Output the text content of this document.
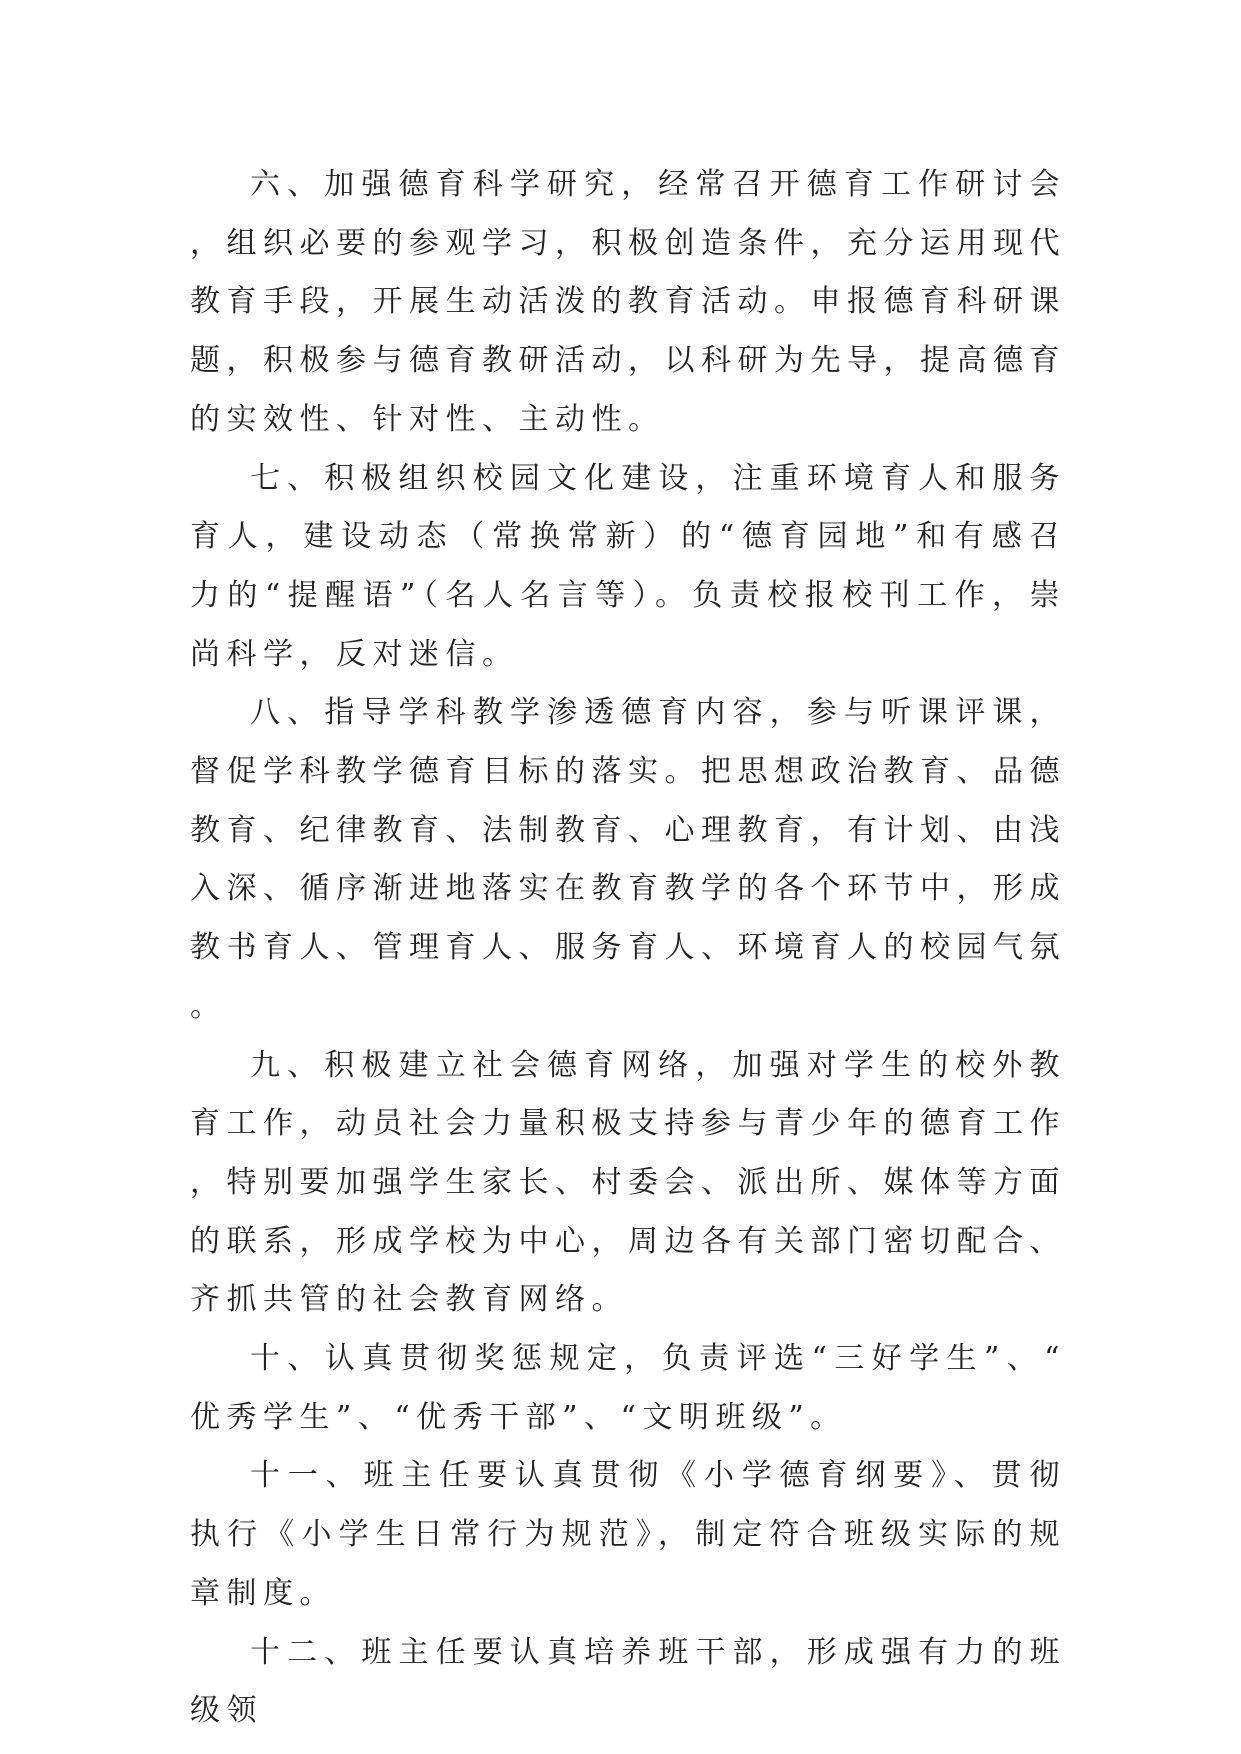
六、加强德育科学研究，经常召开德育工作研讨会，组织必要的参观学习，积极创造条件，充分运用现代教育手段，开展生动活泼的教育活动。申报德育科研课题，积极参与德育教研活动，以科研为先导，提高德育的实效性、针对性、主动性。

七、积极组织校园文化建设，注重环境育人和服务育人，建设动态（常换常新）的“德育园地”和有感召力的“提醒语”（名人名言等）。负责校报校刊工作，崇尚科学，反对迷信。

八、指导学科教学渗透德育内容，参与听课评课，督促学科教学德育目标的落实。把思想政治教育、品德教育、纪律教育、法制教育、心理教育，有计划、由浅入深、循序渐进地落实在教育教学的各个环节中，形成教书育人、管理育人、服务育人、环境育人的校园气氛。

九、积极建立社会德育网络，加强对学生的校外教育工作，动员社会力量积极支持参与青少年的德育工作，特别要加强学生家长、村委会、派出所、媒体等方面的联系，形成学校为中心，周边各有关部门密切配合、齐抓共管的社会教育网络。

十、认真贯彻奖惩规定，负责评选“三好学生”、“优秀学生”、“优秀干部”、“文明班级”。

十一、班主任要认真贯彻《小学德育纲要》、贯彻执行《小学生日常行为规范》，制定符合班级实际的规章制度。

十二、班主任要认真培养班干部，形成强有力的班级领
